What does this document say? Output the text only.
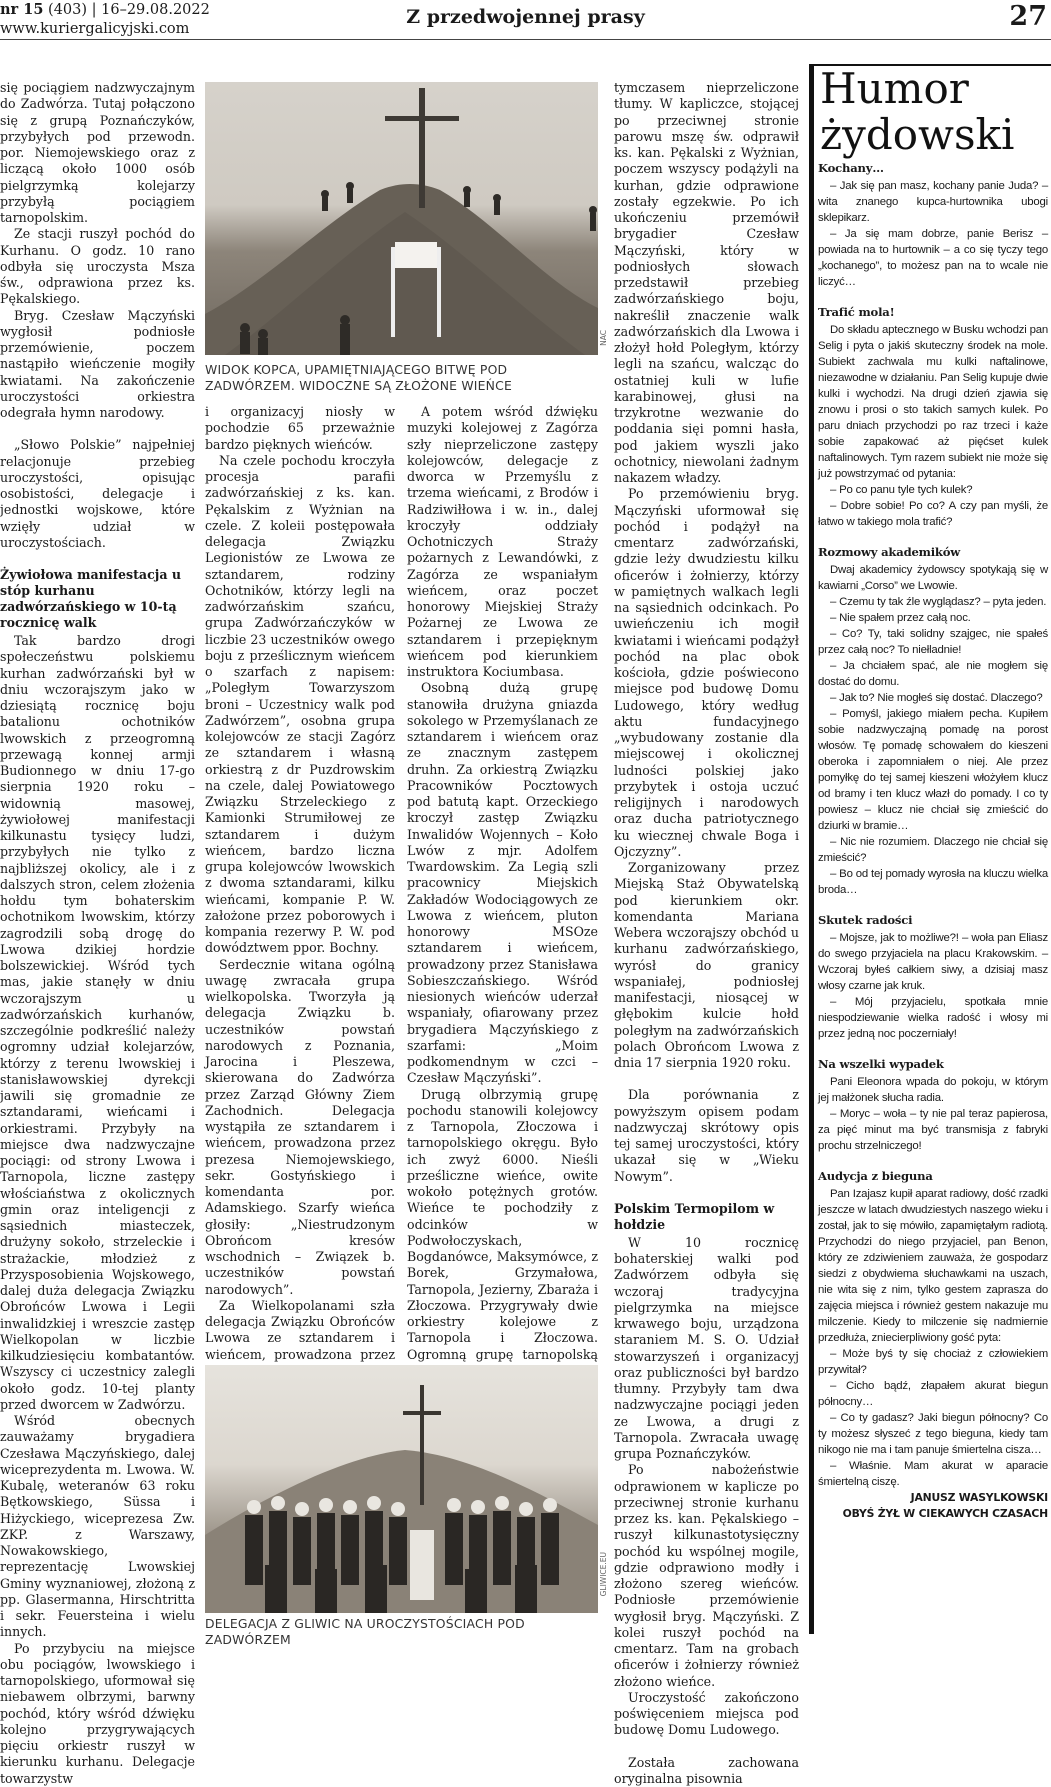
nr 15 (403) | 16–29.08.2022
www.kuriergalicyjski.com
Z przedwojennej prasy	27

się pociągiem nadzwyczajnym do Zadwórza. Tutaj połączono się z grupą Poznańczyków, przybyłych pod przewodn. por. Niemojewskiego oraz z liczącą około 1000 osób pielgrzymką kolejarzy przybyłą pociągiem tarnopolskim.

Ze stacji ruszył pochód do Kurhanu. O godz. 10 rano odbyła się uroczysta Msza św., odprawiona przez ks. Pękalskiego.

Bryg. Czesław Mączyński wygłosił podniosłe przemówienie, poczem nastąpiło wieńczenie mogiły kwiatami. Na zakończenie uroczystości orkiestra odegrała hymn narodowy.

„Słowo Polskie” najpełniej relacjonuje przebieg uroczystości, opisując osobistości, delegacje i jednostki wojskowe, które wzięły udział w uroczystościach.

Żywiołowa manifestacja u stóp kurhanu zadwórzańskiego w 10-tą rocznicę walk

Tak bardzo drogi społeczeństwu polskiemu kurhan zadwórzański był w dniu wczorajszym jako w dziesiątą rocznicę boju batalionu ochotników lwowskich z przeogromną przewagą konnej armji Budionnego w dniu 17-go sierpnia 1920 roku – widownią masowej, żywiołowej manifestacji kilkunastu tysięcy ludzi, przybyłych nie tylko z najbliższej okolicy, ale i z dalszych stron, celem złożenia hołdu tym bohaterskim ochotnikom lwowskim, którzy zagrodzili sobą drogę do Lwowa dzikiej hordzie bolszewickiej. Wśród tych mas, jakie stanęły w dniu wczorajszym u zadwórzańskich kurhanów, szczególnie podkreślić należy ogromny udział kolejarzów, którzy z terenu lwowskiej i stanisławowskiej dyrekcji jawili się gromadnie ze sztandarami, wieńcami i orkiestrami. Przybyły na miejsce dwa nadzwyczajne pociągi: od strony Lwowa i Tarnopola, liczne zastępy włościaństwa z okolicznych gmin oraz inteligencji z sąsiednich miasteczek, drużyny sokoło, strzeleckie i strażackie, młodzież z Przysposobienia Wojskowego, dalej duża delegacja Związku Obrońców Lwowa i Legii inwalidzkiej i wreszcie zastęp Wielkopolan w liczbie kilkudziesięciu kombatantów. Wszyscy ci uczestnicy zalegli około godz. 10-tej planty przed dworcem w Zadwórzu.

Wśród obecnych zauważamy brygadiera Czesława Mączyńskiego, dalej wiceprezydenta m. Lwowa. W. Kubalę, weteranów 63 roku Bętkowskiego, Süssa i Hiżyckiego, wiceprezesa Zw. ZKP. z Warszawy, Nowakowskiego, reprezentację Lwowskiej Gminy wyznaniowej, złożoną z pp. Glasermanna, Hirschtritta i sekr. Feuersteina i wielu innych.

Po przybyciu na miejsce obu pociągów, lwowskiego i tarnopolskiego, uformował się niebawem olbrzymi, barwny pochód, który wśród dźwięku kolejno przygrywających pięciu orkiestr ruszył w kierunku kurhanu. Delegacje towarzystw

NAC
WIDOK KOPCA, UPAMIĘTNIAJĄCEGO BITWĘ POD ZADWÓRZEM. WIDOCZNE SĄ ZŁOŻONE WIEŃCE

i organizacyj niosły w pochodzie 65 przeważnie bardzo pięknych wieńców.

Na czele pochodu kroczyła procesja parafii zadwórzańskiej z ks. kan. Pękalskim z Wyżnian na czele. Z koleii postępowała delegacja Związku Legionistów ze Lwowa ze sztandarem, rodziny Ochotników, którzy legli na zadwórzańskim szańcu, grupa Zadwórzańczyków w liczbie 23 uczestników owego boju z prześlicznym wieńcem o szarfach z napisem: „Poległym Towarzyszom broni – Uczestnicy walk pod Zadwórzem”, osobna grupa kolejowców ze stacji Zagórz ze sztandarem i własną orkiestrą z dr Puzdrowskim na czele, dalej Powiatowego Związku Strzeleckiego z Kamionki Strumiłowej ze sztandarem i dużym wieńcem, bardzo liczna grupa kolejowców lwowskich z dwoma sztandarami, kilku wieńcami, kompanie P. W. założone przez poborowych i kompania rezerwy P. W. pod dowództwem ppor. Bochny.

Serdecznie witana ogólną uwagę zwracała grupa wielkopolska. Tworzyła ją delegacja Związku b. uczestników powstań narodowych z Poznania, Jarocina i Pleszewa, skierowana do Zadwórza przez Zarząd Główny Ziem Zachodnich. Delegacja wystąpiła ze sztandarem i wieńcem, prowadzona przez prezesa Niemojewskiego, sekr. Gostyńskiego i komendanta por. Adamskiego. Szarfy wieńca głosiły: „Niestrudzonym Obrońcom kresów wschodnich – Związek b. uczestników powstań narodowych”.

Za Wielkopolanami szła delegacja Związku Obrońców Lwowa ze sztandarem i wieńcem, prowadzona przez

A potem wśród dźwięku muzyki kolejowej z Zagórza szły nieprzeliczone zastępy kolejowców, delegacje z dworca w Przemyślu z trzema wieńcami, z Brodów i Radziwiłłowa i w. in., dalej kroczyły oddziały Ochotniczych Straży pożarnych z Lewandówki, z Zagórza ze wspaniałym wieńcem, oraz poczet honorowy Miejskiej Straży Pożarnej ze Lwowa ze sztandarem i przepięknym wieńcem pod kierunkiem instruktora Kociumbasa.

Osobną dużą grupę stanowiła drużyna gniazda sokolego w Przemyślanach ze sztandarem i wieńcem oraz ze znacznym zastępem druhn. Za orkiestrą Związku Pracowników Pocztowych pod batutą kapt. Orzeckiego kroczył zastęp Związku Inwalidów Wojennych – Koło Lwów z mjr. Adolfem Twardowskim. Za Legią szli pracownicy Miejskich Zakładów Wodociągowych ze Lwowa z wieńcem, pluton honorowy MSOze sztandarem i wieńcem, prowadzony przez Stanisława Sobieszczańskiego. Wśród niesionych wieńców uderzał wspaniały, ofiarowany przez brygadiera Mączyńskiego z szarfami: „Moim podkomendnym w czci – Czesław Mączyński”.

Drugą olbrzymią grupę pochodu stanowili kolejowcy z Tarnopola, Złoczowa i tarnopolskiego okręgu. Było ich zwyż 6000. Nieśli prześliczne wieńce, owite wokoło potężnych grotów. Wieńce te pochodziły z odcinków w Podwołoczyskach, Bogdanówce, Maksymówce, z Borek, Grzymałowa, Tarnopola, Jezierny, Zbaraża i Złoczowa. Przygrywały dwie orkiestry kolejowe z Tarnopola i Złoczowa. Ogromną grupę tarnopolską

GLIWICE.EU
DELEGACJA Z GLIWIC NA UROCZYSTOŚCIACH POD ZADWÓRZEM

tymczasem nieprzeliczone tłumy. W kapliczce, stojącej po przeciwnej stronie parowu mszę św. odprawił ks. kan. Pękalski z Wyżnian, poczem wszyscy podążyli na kurhan, gdzie odprawione zostały egzekwie. Po ich ukończeniu przemówił brygadier Czesław Mączyński, który w podniosłych słowach przedstawił przebieg zadwórzańskiego boju, nakreślił znaczenie walk zadwórzańskich dla Lwowa i złożył hołd Poległym, którzy legli na szańcu, walcząc do ostatniej kuli w lufie karabinowej, głusi na trzykrotne wezwanie do poddania sięi pomni hasła, pod jakiem wyszli jako ochotnicy, niewolani żadnym nakazem władzy.

Po przemówieniu bryg. Mączyński uformował się pochód i podążył na cmentarz zadwórzański, gdzie leży dwudziestu kilku oficerów i żołnierzy, którzy w pamiętnych walkach legli na sąsiednich odcinkach. Po uwieńczeniu ich mogił kwiatami i wieńcami podążył pochód na plac obok kościoła, gdzie poświecono miejsce pod budowę Domu Ludowego, który według aktu fundacyjnego „wybudowany zostanie dla miejscowej i okolicznej ludności polskiej jako przybytek i ostoja uczuć religijnych i narodowych oraz ducha patriotycznego ku wiecznej chwale Boga i Ojczyzny”.

Zorganizowany przez Miejską Staż Obywatelską pod kierunkiem okr. komendanta Mariana Webera wczorajszy obchód u kurhanu zadwórzańskiego, wyrósł do granicy wspaniałej, podniosłej manifestacji, niosącej w głębokim kulcie hołd poległym na zadwórzańskich polach Obrońcom Lwowa z dnia 17 sierpnia 1920 roku.

Dla porównania z powyższym opisem podam nadzwyczaj skrótowy opis tej samej uroczystości, który ukazał się w „Wieku Nowym”.

Polskim Termopilom w hołdzie

W 10 rocznicę bohaterskiej walki pod Zadwórzem odbyła się wczoraj tradycyjna pielgrzymka na miejsce krwawego boju, urządzona staraniem M. S. O. Udział stowarzyszeń i organizacyj oraz publiczności był bardzo tłumny. Przybyły tam dwa nadzwyczajne pociągi jeden ze Lwowa, a drugi z Tarnopola. Zwracała uwagę grupa Poznańczyków.

Po nabożeństwie odprawionem w kaplicze po przeciwnej stronie kurhanu przez ks. kan. Pękalskiego – ruszył kilkunastotysięczny pochód ku wspólnej mogile, gdzie odprawiono modły i złożono szereg wieńców. Podniosłe przemówienie wygłosił bryg. Mączyński. Z kolei ruszył pochód na cmentarz. Tam na grobach oficerów i żołnierzy również złożono wieńce.

Uroczystość zakończono poświęceniem miejsca pod budowę Domu Ludowego.

Została zachowana oryginalna pisownia

Humor
żydowski
Kochany…

– Jak się pan masz, kochany panie Juda? – wita znanego kupca-hurtownika ubogi sklepikarz.

– Ja się mam dobrze, panie Berisz – powiada na to hurtownik – a co się tyczy tego „kochanego”, to możesz pan na to wcale nie liczyć…

Trafić mola!

Do składu aptecznego w Busku wchodzi pan Selig i pyta o jakiś skuteczny środek na mole. Subiekt zachwala mu kulki naftalinowe, niezawodne w działaniu. Pan Selig kupuje dwie kulki i wychodzi. Na drugi dzień zjawia się znowu i prosi o sto takich samych kulek. Po paru dniach przychodzi po raz trzeci i każe sobie zapakować aż pięćset kulek naftalinowych. Tym razem subiekt nie może się już powstrzymać od pytania:

– Po co panu tyle tych kulek?

– Dobre sobie! Po co? A czy pan myśli, że łatwo w takiego mola trafić?

Rozmowy akademików

Dwaj akademicy żydowscy spotykają się w kawiarni „Corso” we Lwowie.

– Czemu ty tak źle wyglądasz? – pyta jeden.

– Nie spałem przez całą noc.

– Co? Ty, taki solidny szajgec, nie spałeś przez całą noc? To niełladnie!

– Ja chciałem spać, ale nie mogłem się dostać do domu.

– Jak to? Nie mogłeś się dostać. Dlaczego?

– Pomyśl, jakiego miałem pecha. Kupiłem sobie nadzwyczajną pomadę na porost włosów. Tę pomadę schowałem do kieszeni oberoka i zapomniałem o niej. Ale przez pomyłkę do tej samej kieszeni włożyłem klucz od bramy i ten klucz włazł do pomady. I co ty powiesz – klucz nie chciał się zmieścić do dziurki w bramie…

– Nic nie rozumiem. Dlaczego nie chciał się zmieścić?

– Bo od tej pomady wyrosła na kluczu wielka broda…

Skutek radości

– Mojsze, jak to możliwe?! – woła pan Eliasz do swego przyjaciela na placu Krakowskim. – Wczoraj byłeś całkiem siwy, a dzisiaj masz włosy czarne jak kruk.

– Mój przyjacielu, spotkała mnie niespodziewanie wielka radość i włosy mi przez jedną noc poczerniały!

Na wszelki wypadek

Pani Eleonora wpada do pokoju, w którym jej małżonek słucha radia.

– Moryc – woła – ty nie pal teraz papierosa, za pięć minut ma być transmisja z fabryki prochu strzelniczego!

Audycja z bieguna

Pan Izajasz kupił aparat radiowy, dość rzadki jeszcze w latach dwudziestych naszego wieku i został, jak to się mówiło, zapamiętałym radiotą. Przychodzi do niego przyjaciel, pan Benon, który ze zdziwieniem zauważa, że gospodarz siedzi z obydwiema słuchawkami na uszach, nie wita się z nim, tylko gestem zaprasza do zajęcia miejsca i również gestem nakazuje mu milczenie. Kiedy to milczenie się nadmiernie przedłuża, zniecierpliwiony gość pyta:

– Może byś ty się chociaż z człowiekiem przywitał?

– Cicho bądź, złapałem akurat biegun północny…

– Co ty gadasz? Jaki biegun północny? Co ty możesz słyszeć z tego bieguna, kiedy tam nikogo nie ma i tam panuje śmiertelna cisza…

– Właśnie. Mam akurat w aparacie śmiertelną ciszę.

JANUSZ WASYLKOWSKI
OBYŚ ŻYŁ W CIEKAWYCH CZASACH
